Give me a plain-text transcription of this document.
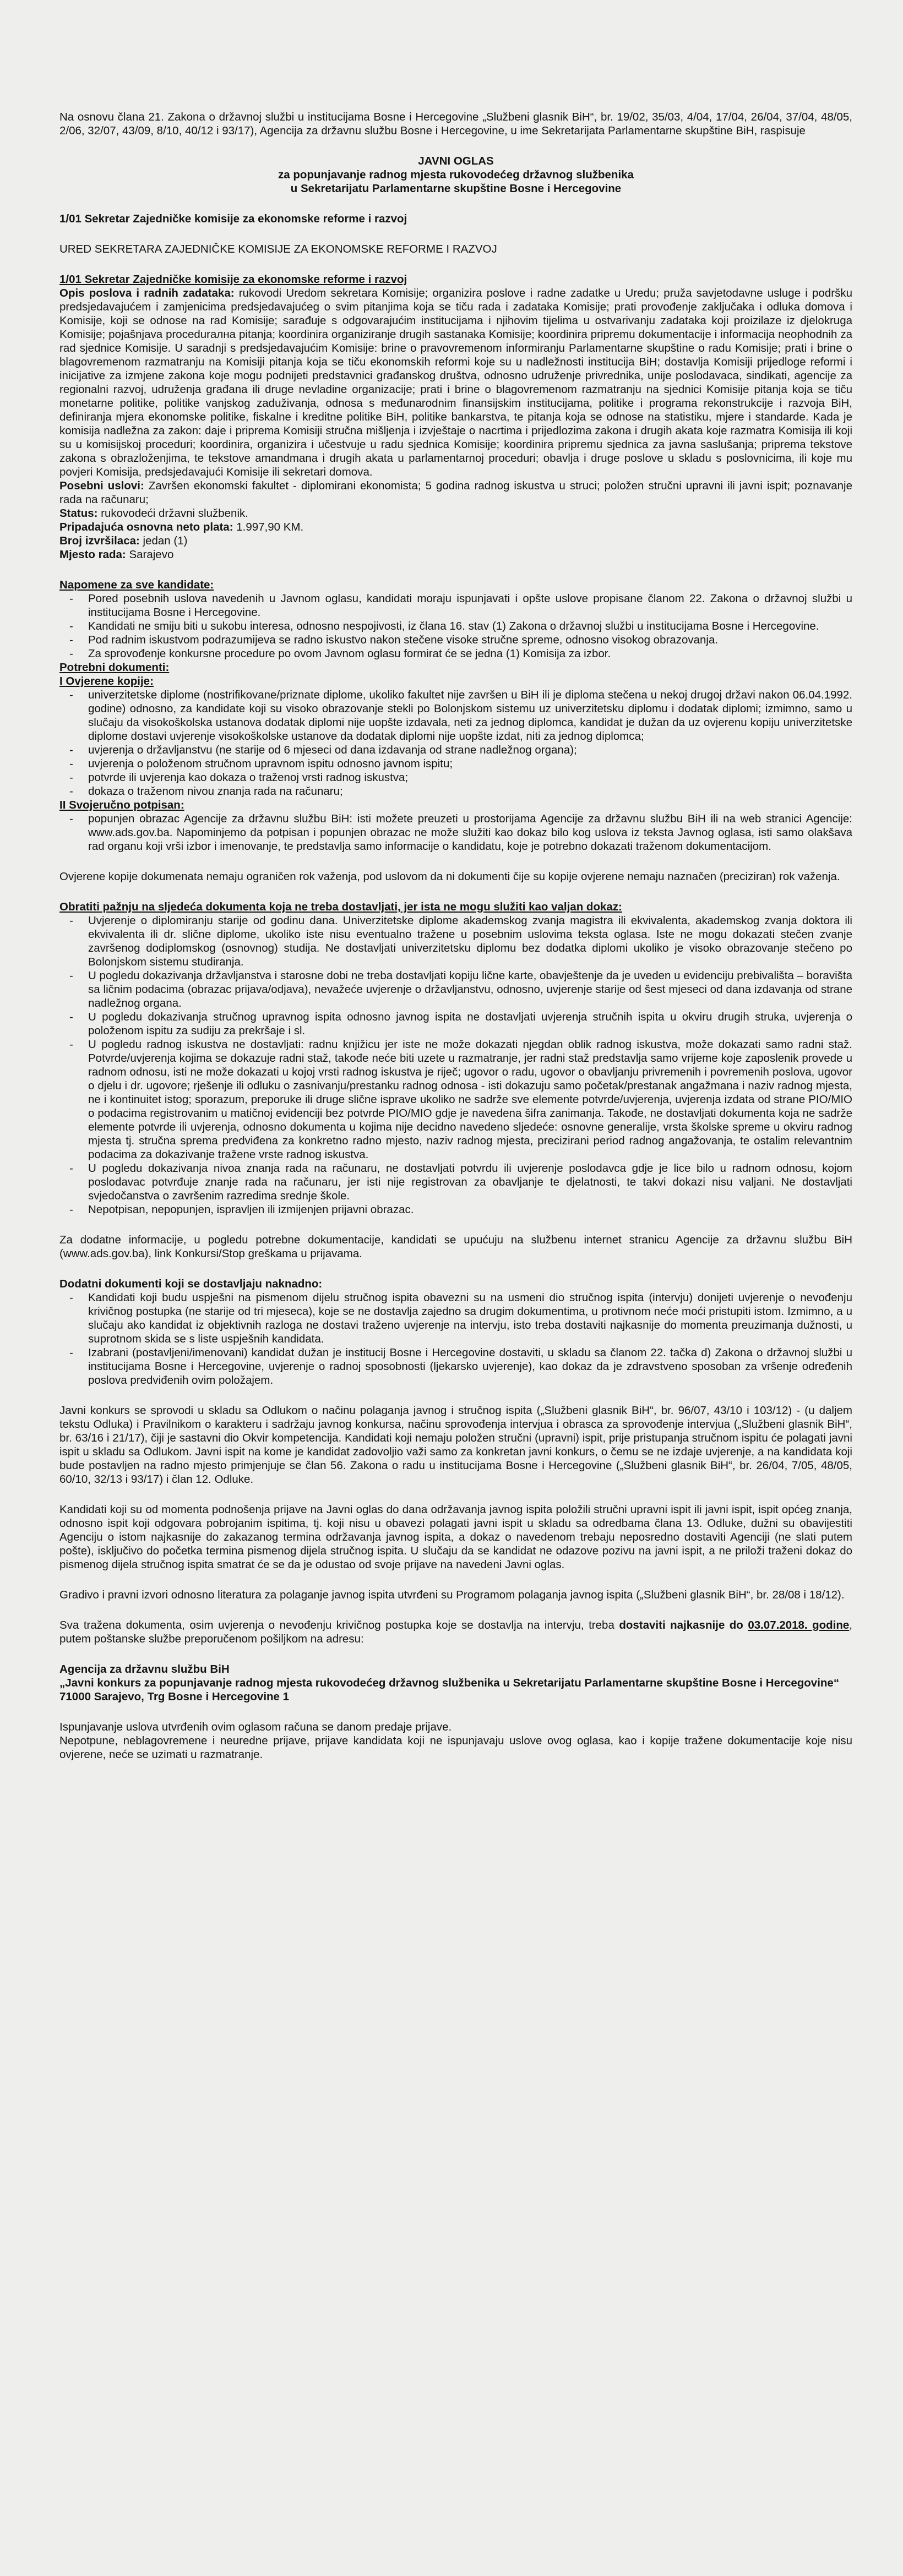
Na osnovu člana 21. Zakona o državnoj službi u institucijama Bosne i Hercegovine „Službeni glasnik BiH“, br. 19/02, 35/03, 4/04, 17/04, 26/04, 37/04, 48/05, 2/06, 32/07, 43/09, 8/10, 40/12 i 93/17), Agencija za državnu službu Bosne i Hercegovine, u ime Sekretarijata Parlamentarne skupštine BiH, raspisuje

JAVNI OGLAS
za popunjavanje radnog mjesta rukovodećeg državnog službenika
u Sekretarijatu Parlamentarne skupštine Bosne i Hercegovine

1/01 Sekretar Zajedničke komisije za ekonomske reforme i razvoj

URED SEKRETARA ZAJEDNIČKE KOMISIJE ZA EKONOMSKE REFORME I RAZVOJ

1/01 Sekretar Zajedničke komisije za ekonomske reforme i razvoj
Opis poslova i radnih zadataka: rukovodi Uredom sekretara Komisije; organizira poslove i radne zadatke u Uredu; pruža savjetodavne usluge i podršku predsjedavajućem i zamjenicima predsjedavajućeg o svim pitanjima koja se tiču rada i zadataka Komisije; prati provođenje zaključaka i odluka domova i Komisije, koji se odnose na rad Komisije; sarađuje s odgovarajućim institucijama i njihovim tijelima u ostvarivanju zadataka koji proizilaze iz djelokruga Komisije; pojašnjava procedurална pitanja; koordinira organiziranje drugih sastanaka Komisije; koordinira pripremu dokumentacije i informacija neophodnih za rad sjednice Komisije. U saradnji s predsjedavajućim Komisije: brine o pravovremenom informiranju Parlamentarne skupštine o radu Komisije; prati i brine o blagovremenom razmatranju na Komisiji pitanja koja se tiču ekonomskih reformi koje su u nadležnosti institucija BiH; dostavlja Komisiji prijedloge reformi i inicijative za izmjene zakona koje mogu podnijeti predstavnici građanskog društva, odnosno udruženje privrednika, unije poslodavaca, sindikati, agencije za regionalni razvoj, udruženja građana ili druge nevladine organizacije; prati i brine o blagovremenom razmatranju na sjednici Komisije pitanja koja se tiču monetarne politike, politike vanjskog zaduživanja, odnosa s međunarodnim finansijskim institucijama, politike i programa rekonstrukcije i razvoja BiH, definiranja mjera ekonomske politike, fiskalne i kreditne politike BiH, politike bankarstva, te pitanja koja se odnose na statistiku, mjere i standarde. Kada je komisija nadležna za zakon: daje i priprema Komisiji stručna mišljenja i izvještaje o nacrtima i prijedlozima zakona i drugih akata koje razmatra Komisija ili koji su u komisijskoj proceduri; koordinira, organizira i učestvuje u radu sjednica Komisije; koordinira pripremu sjednica za javna saslušanja; priprema tekstove zakona s obrazloženjima, te tekstove amandmana i drugih akata u parlamentarnoj proceduri; obavlja i druge poslove u skladu s poslovnicima, ili koje mu povjeri Komisija, predsjedavajući Komisije ili sekretari domova.
Posebni uslovi: Završen ekonomski fakultet - diplomirani ekonomista; 5 godina radnog iskustva u struci; položen stručni upravni ili javni ispit; poznavanje rada na računaru;
Status: rukovodeći državni službenik.
Pripadajuća osnovna neto plata: 1.997,90 KM.
Broj izvršilaca: jedan (1)
Mjesto rada: Sarajevo
Napomene za sve kandidate:
- Pored posebnih uslova navedenih u Javnom oglasu, kandidati moraju ispunjavati i opšte uslove propisane članom 22. Zakona o državnoj službi u institucijama Bosne i Hercegovine.
- Kandidati ne smiju biti u sukobu interesa, odnosno nespojivosti, iz člana 16. stav (1) Zakona o državnoj službi u institucijama Bosne i Hercegovine.
- Pod radnim iskustvom podrazumijeva se radno iskustvo nakon stečene visoke stručne spreme, odnosno visokog obrazovanja.
- Za sprovođenje konkursne procedure po ovom Javnom oglasu formirat će se jedna (1) Komisija za izbor.
Potrebni dokumenti:
I Ovjerene kopije:
- univerzitetske diplome (nostrifikovane/priznate diplome, ukoliko fakultet nije završen u BiH ili je diploma stečena u nekoj drugoj državi nakon 06.04.1992. godine) odnosno, za kandidate koji su visoko obrazovanje stekli po Bolonjskom sistemu uz univerzitetsku diplomu i dodatak diplomi; izmimno, samo u slučaju da visokoškolska ustanova dodatak diplomi nije uopšte izdavala, neti za jednog diplomca, kandidat je dužan da uz ovjerenu kopiju univerzitetske diplome dostavi uvjerenje visokoškolske ustanove da dodatak diplomi nije uopšte izdat, niti za jednog diplomca;
- uvjerenja o državljanstvu (ne starije od 6 mjeseci od dana izdavanja od strane nadležnog organa);
- uvjerenja o položenom stručnom upravnom ispitu odnosno javnom ispitu;
- potvrde ili uvjerenja kao dokaza o traženoj vrsti radnog iskustva;
- dokaza o traženom nivou znanja rada na računaru;
II Svojeručno potpisan:
- popunjen obrazac Agencije za državnu službu BiH: isti možete preuzeti u prostorijama Agencije za državnu službu BiH ili na web stranici Agencije: www.ads.gov.ba. Napominjemo da potpisan i popunjen obrazac ne može služiti kao dokaz bilo kog uslova iz teksta Javnog oglasa, isti samo olakšava rad organu koji vrši izbor i imenovanje, te predstavlja samo informacije o kandidatu, koje je potrebno dokazati traženom dokumentacijom.

Ovjerene kopije dokumenata nemaju ograničen rok važenja, pod uslovom da ni dokumenti čije su kopije ovjerene nemaju naznačen (preciziran) rok važenja.

Obratiti pažnju na sljedeća dokumenta koja ne treba dostavljati, jer ista ne mogu služiti kao valjan dokaz:
- Uvjerenje o diplomiranju starije od godinu dana. Univerzitetske diplome akademskog zvanja magistra ili ekvivalenta, akademskog zvanja doktora ili ekvivalenta ili dr. slične diplome, ukoliko iste nisu eventualno tražene u posebnim uslovima teksta oglasa. Iste ne mogu dokazati stečen zvanje završenog dodiplomskog (osnovnog) studija. Ne dostavljati univerzitetsku diplomu bez dodatka diplomi ukoliko je visoko obrazovanje stečeno po Bolonjskom sistemu studiranja.
- U pogledu dokazivanja državljanstva i starosne dobi ne treba dostavljati kopiju lične karte, obavještenje da je uveden u evidenciju prebivališta – boravišta sa ličnim podacima (obrazac prijava/odjava), nevažeće uvjerenje o državljanstvu, odnosno, uvjerenje starije od šest mjeseci od dana izdavanja od strane nadležnog organa.
- U pogledu dokazivanja stručnog upravnog ispita odnosno javnog ispita ne dostavljati uvjerenja stručnih ispita u okviru drugih struka, uvjerenja o položenom ispitu za sudiju za prekršaje i sl.
- U pogledu radnog iskustva ne dostavljati: radnu knjižicu jer iste ne može dokazati njegdan oblik radnog iskustva, može dokazati samo radni staž. Potvrde/uvjerenja kojima se dokazuje radni staž, takođe neće biti uzete u razmatranje, jer radni staž predstavlja samo vrijeme koje zaposlenik provede u radnom odnosu, isti ne može dokazati u kojoj vrsti radnog iskustva je riječ; ugovor o radu, ugovor o obavljanju privremenih i povremenih poslova, ugovor o djelu i dr. ugovore; rješenje ili odluku o zasnivanju/prestanku radnog odnosa - isti dokazuju samo početak/prestanak angažmana i naziv radnog mjesta, ne i kontinuitet istog; sporazum, preporuke ili druge slične isprave ukoliko ne sadrže sve elemente potvrde/uvjerenja, uvjerenja izdata od strane PIO/MIO o podacima registrovanim u matičnoj evidenciji bez potvrde PIO/MIO gdje je navedena šifra zanimanja. Takođe, ne dostavljati dokumenta koja ne sadrže elemente potvrde ili uvjerenja, odnosno dokumenta u kojima nije decidno navedeno sljedeće: osnovne generalije, vrsta školske spreme u okviru radnog mjesta tj. stručna sprema predviđena za konkretno radno mjesto, naziv radnog mjesta, precizirani period radnog angažovanja, te ostalim relevantnim podacima za dokazivanje tražene vrste radnog iskustva.
- U pogledu dokazivanja nivoa znanja rada na računaru, ne dostavljati potvrdu ili uvjerenje poslodavca gdje je lice bilo u radnom odnosu, kojom poslodavac potvrđuje znanje rada na računaru, jer isti nije registrovan za obavljanje te djelatnosti, te takvi dokazi nisu valjani. Ne dostavljati svjedočanstva o završenim razredima srednje škole.
- Nepotpisan, nepopunjen, ispravljen ili izmijenjen prijavni obrazac.

Za dodatne informacije, u pogledu potrebne dokumentacije, kandidati se upućuju na službenu internet stranicu Agencije za državnu službu BiH (www.ads.gov.ba), link Konkursi/Stop greškama u prijavama.

Dodatni dokumenti koji se dostavljaju naknadno:
- Kandidati koji budu uspješni na pismenom dijelu stručnog ispita obavezni su na usmeni dio stručnog ispita (intervju) donijeti uvjerenje o nevođenju krivičnog postupka (ne starije od tri mjeseca), koje se ne dostavlja zajedno sa drugim dokumentima, u protivnom neće moći pristupiti istom. Izmimno, a u slučaju ako kandidat iz objektivnih razloga ne dostavi traženo uvjerenje na intervju, isto treba dostaviti najkasnije do momenta preuzimanja dužnosti, u suprotnom skida se s liste uspješnih kandidata.
- Izabrani (postavljeni/imenovani) kandidat dužan je institucij Bosne i Hercegovine dostaviti, u skladu sa članom 22. tačka d) Zakona o državnoj službi u institucijama Bosne i Hercegovine, uvjerenje o radnoj sposobnosti (ljekarsko uvjerenje), kao dokaz da je zdravstveno sposoban za vršenje određenih poslova predviđenih ovim položajem.

Javni konkurs se sprovodi u skladu sa Odlukom o načinu polaganja javnog i stručnog ispita („Službeni glasnik BiH“, br. 96/07, 43/10 i 103/12) - (u daljem tekstu Odluka) i Pravilnikom o karakteru i sadržaju javnog konkursa, načinu sprovođenja intervjua i obrasca za sprovođenje intervjua („Službeni glasnik BiH“, br. 63/16 i 21/17), čiji je sastavni dio Okvir kompetencija. Kandidati koji nemaju položen stručni (upravni) ispit, prije pristupanja stručnom ispitu će polagati javni ispit u skladu sa Odlukom. Javni ispit na kome je kandidat zadovoljio važi samo za konkretan javni konkurs, o čemu se ne izdaje uvjerenje, a na kandidata koji bude postavljen na radno mjesto primjenjuje se član 56. Zakona o radu u institucijama Bosne i Hercegovine („Službeni glasnik BiH“, br. 26/04, 7/05, 48/05, 60/10, 32/13 i 93/17) i član 12. Odluke.

Kandidati koji su od momenta podnošenja prijave na Javni oglas do dana održavanja javnog ispita položili stručni upravni ispit ili javni ispit, ispit općeg znanja, odnosno ispit koji odgovara pobrojanim ispitima, tj. koji nisu u obavezi polagati javni ispit u skladu sa odredbama člana 13. Odluke, dužni su obavijestiti Agenciju o istom najkasnije do zakazanog termina održavanja javnog ispita, a dokaz o navedenom trebaju neposredno dostaviti Agenciji (ne slati putem pošte), isključivo do početka termina pismenog dijela stručnog ispita. U slučaju da se kandidat ne odazove pozivu na javni ispit, a ne priloži traženi dokaz do pismenog dijela stručnog ispita smatrat će se da je odustao od svoje prijave na navedeni Javni oglas.

Gradivo i pravni izvori odnosno literatura za polaganje javnog ispita utvrđeni su Programom polaganja javnog ispita („Službeni glasnik BiH“, br. 28/08 i 18/12).

Sva tražena dokumenta, osim uvjerenja o nevođenju krivičnog postupka koje se dostavlja na intervju, treba dostaviti najkasnije do 03.07.2018. godine, putem poštanske službe preporučenom pošiljkom na adresu:

Agencija za državnu službu BiH
„Javni konkurs za popunjavanje radnog mjesta rukovodećeg državnog službenika u Sekretarijatu Parlamentarne skupštine Bosne i Hercegovine“
71000 Sarajevo, Trg Bosne i Hercegovine 1
Ispunjavanje uslova utvrđenih ovim oglasom računa se danom predaje prijave.
Nepotpune, neblagovremene i neuredne prijave, prijave kandidata koji ne ispunjavaju uslove ovog oglasa, kao i kopije tražene dokumentacije koje nisu ovjerene, neće se uzimati u razmatranje.
